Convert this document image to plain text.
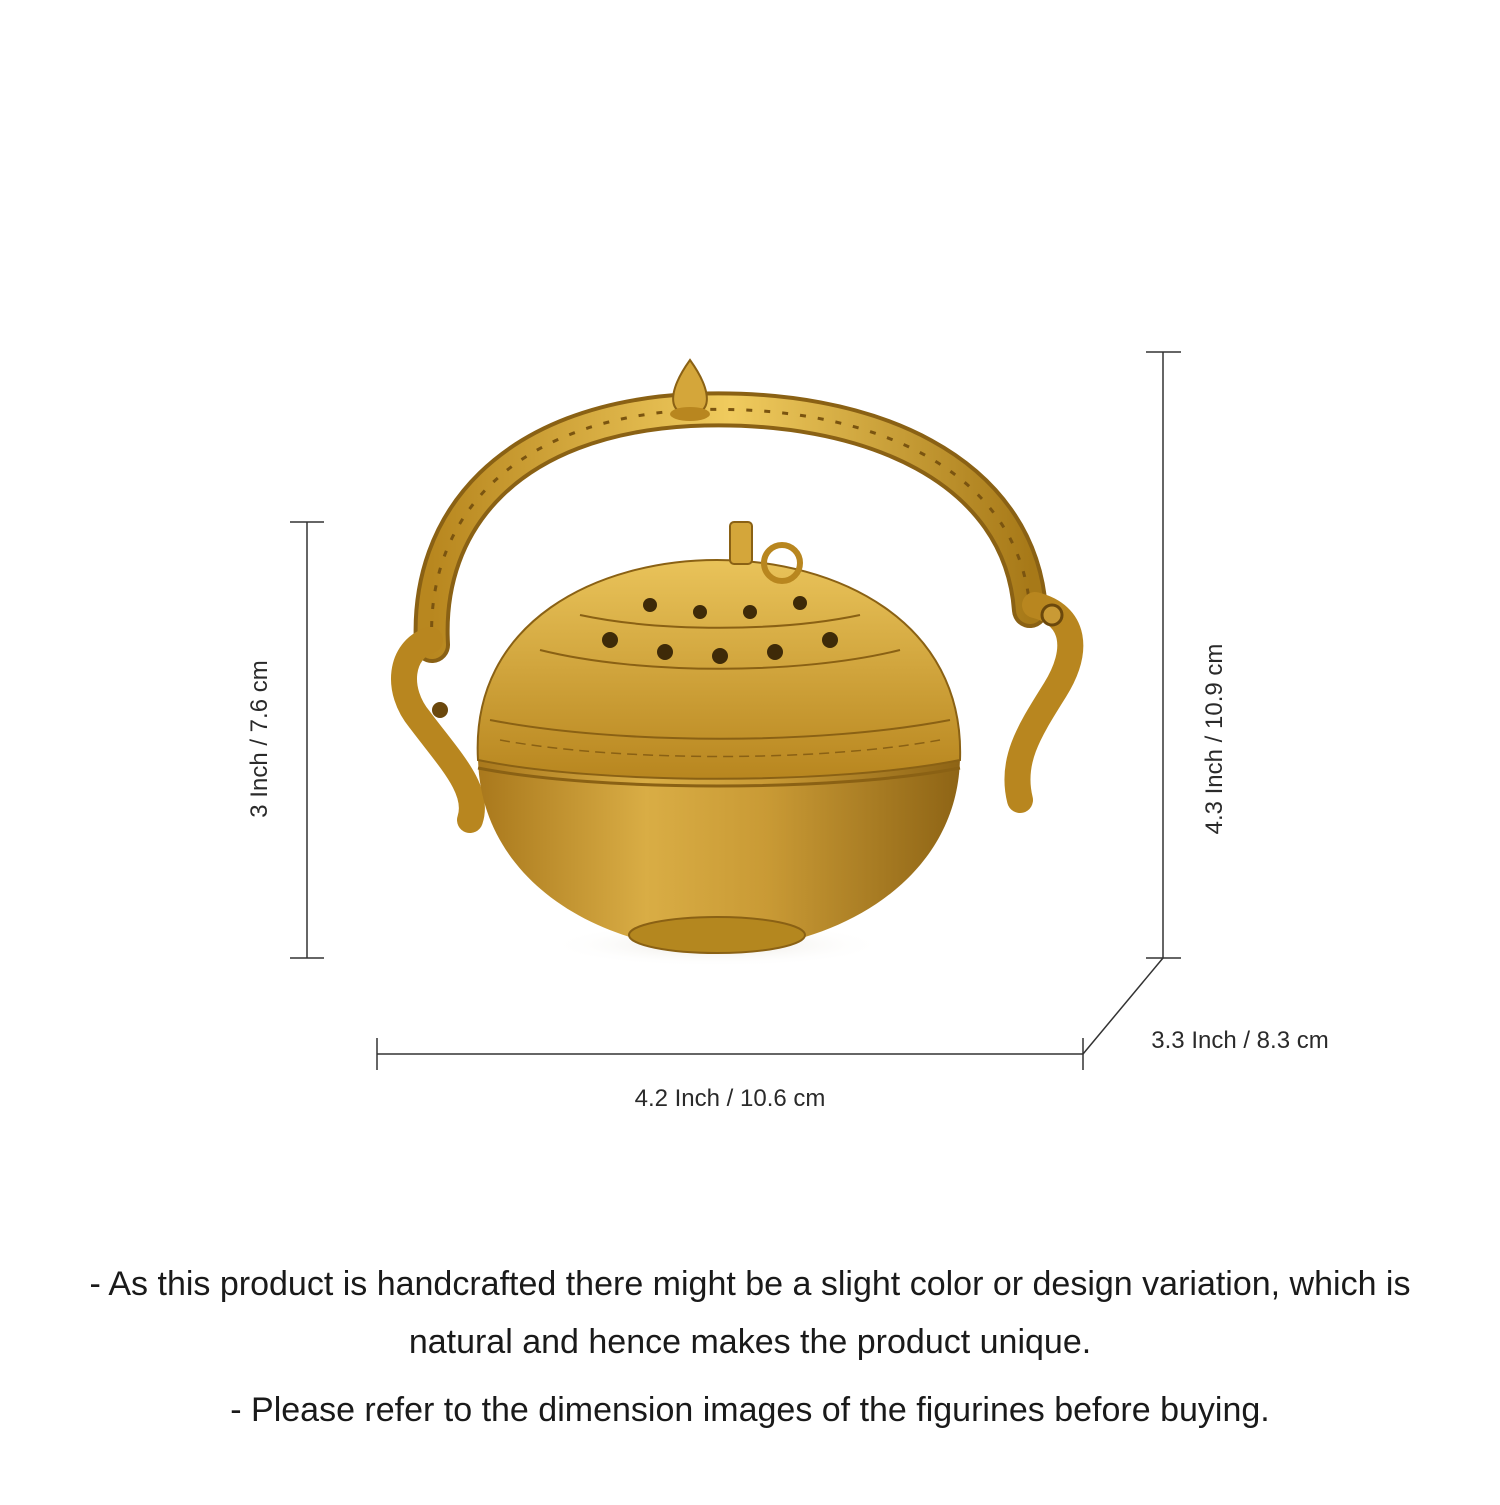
3 Inch / 7.6 cm	4.3 Inch / 10.9 cm
4.2 Inch / 10.6 cm
3.3 Inch / 8.3 cm

- As this product is handcrafted there might be a slight color or design variation, which is natural and hence makes the product unique.

- Please refer to the dimension images of the figurines before buying.
